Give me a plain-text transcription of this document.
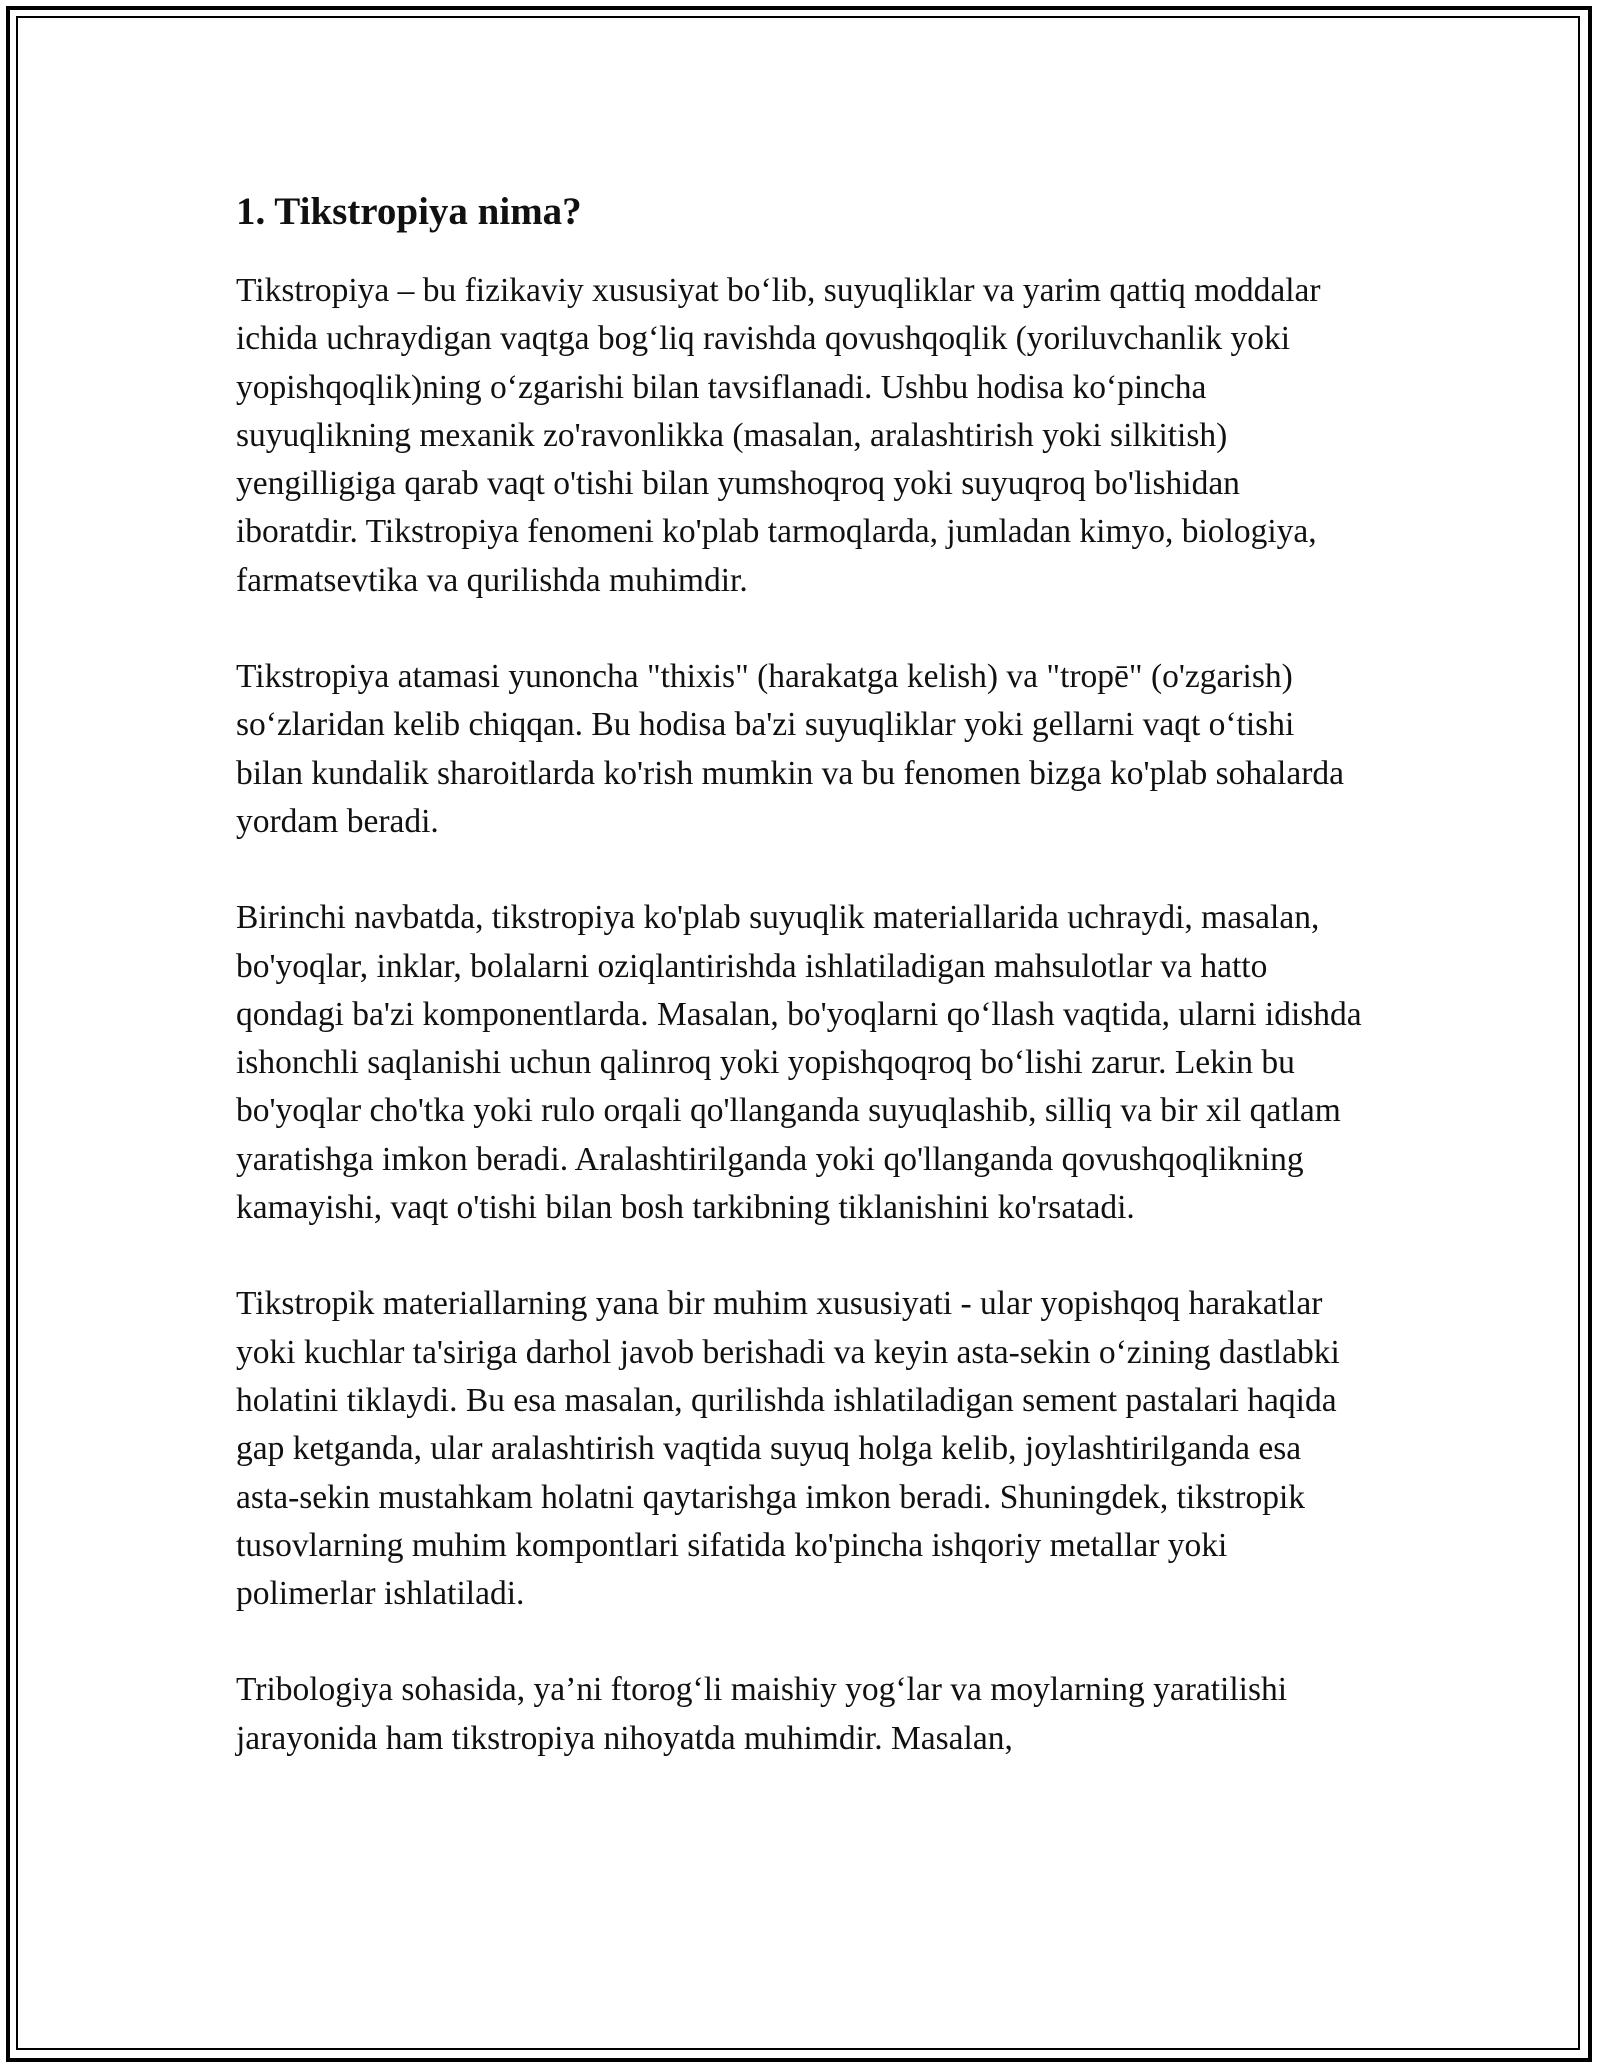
1. Tikstropiya nima?

Tikstropiya – bu fizikaviy xususiyat bo‘lib, suyuqliklar va yarim qattiq moddalar ichida uchraydigan vaqtga bog‘liq ravishda qovushqoqlik (yoriluvchanlik yoki yopishqoqlik)ning o‘zgarishi bilan tavsiflanadi. Ushbu hodisa ko‘pincha suyuqlikning mexanik zo'ravonlikka (masalan, aralashtirish yoki silkitish) yengilligiga qarab vaqt o'tishi bilan yumshoqroq yoki suyuqroq bo'lishidan iboratdir. Tikstropiya fenomeni ko'plab tarmoqlarda, jumladan kimyo, biologiya, farmatsevtika va qurilishda muhimdir.

Tikstropiya atamasi yunoncha "thixis" (harakatga kelish) va "tropē" (o'zgarish) so‘zlaridan kelib chiqqan. Bu hodisa ba'zi suyuqliklar yoki gellarni vaqt o‘tishi bilan kundalik sharoitlarda ko'rish mumkin va bu fenomen bizga ko'plab sohalarda yordam beradi.

Birinchi navbatda, tikstropiya ko'plab suyuqlik materiallarida uchraydi, masalan, bo'yoqlar, inklar, bolalarni oziqlantirishda ishlatiladigan mahsulotlar va hatto qondagi ba'zi komponentlarda. Masalan, bo'yoqlarni qo‘llash vaqtida, ularni idishda ishonchli saqlanishi uchun qalinroq yoki yopishqoqroq bo‘lishi zarur. Lekin bu bo'yoqlar cho'tka yoki rulo orqali qo'llanganda suyuqlashib, silliq va bir xil qatlam yaratishga imkon beradi. Aralashtirilganda yoki qo'llanganda qovushqoqlikning kamayishi, vaqt o'tishi bilan bosh tarkibning tiklanishini ko'rsatadi.

Tikstropik materiallarning yana bir muhim xususiyati - ular yopishqoq harakatlar yoki kuchlar ta'siriga darhol javob berishadi va keyin asta-sekin o‘zining dastlabki holatini tiklaydi. Bu esa masalan, qurilishda ishlatiladigan sement pastalari haqida gap ketganda, ular aralashtirish vaqtida suyuq holga kelib, joylashtirilganda esa asta-sekin mustahkam holatni qaytarishga imkon beradi. Shuningdek, tikstropik tusovlarning muhim kompontlari sifatida ko'pincha ishqoriy metallar yoki polimerlar ishlatiladi.

Tribologiya sohasida, ya’ni ftorog‘li maishiy yog‘lar va moylarning yaratilishi jarayonida ham tikstropiya nihoyatda muhimdir. Masalan,
